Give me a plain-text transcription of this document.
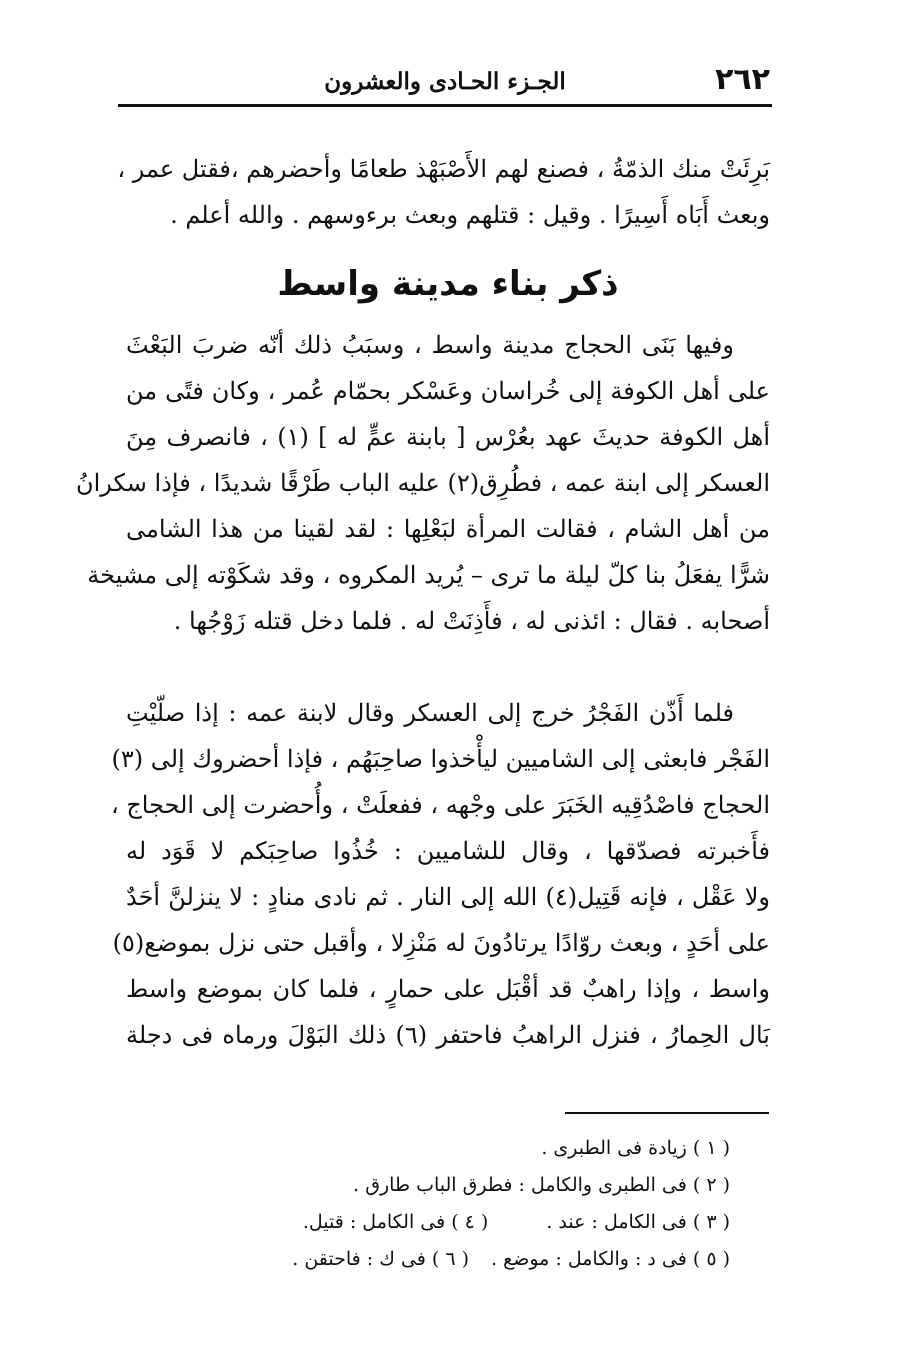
٢٦٢
الجـزء الحـادى والعشرون
بَرِئَتْ منك الذمّةُ ، فصنع لهم الأَصْبَهْذ طعامًا وأحضرهم ،فقتل عمر ،
وبعث أَبَاه أَسِيرًا . وقيل : قتلهم وبعث برءوسهم . والله أعلم .
ذكر بناء مدينة واسط
وفيها بَنَى الحجاج مدينة واسط ، وسبَبُ ذلك أنّه ضربَ البَعْثَ
على أهل الكوفة إلى خُراسان وعَسْكر بحمّام عُمر ، وكان فتًى من
أهل الكوفة حديثَ عهد بعُرْس [ بابنة عمٍّ له ] (١) ، فانصرف مِنَ
العسكر إلى ابنة عمه ، فطُرِق(٢) عليه الباب طَرْقًا شديدًا ، فإذا سكرانُ
من أهل الشام ، فقالت المرأة لبَعْلِها : لقد لقينا من هذا الشامى
شرًّا يفعَلُ بنا كلّ ليلة ما ترى – يُريد المكروه ، وقد شكَوْته إلى مشيخة
أصحابه . فقال : ائذنى له ، فأَذِنَتْ له . فلما دخل قتله زَوْجُها .
فلما أَذّن الفَجْرُ خرج إلى العسكر وقال لابنة عمه : إذا صلّيْتِ
الفَجْر فابعثى إلى الشاميين ليأْخذوا صاحِبَهُم ، فإذا أحضروك إلى (٣)
الحجاج فاصْدُقِيه الخَبَرَ على وجْهه ، ففعلَتْ ، وأُحضرت إلى الحجاج ،
فأَخبرته فصدّقها ، وقال للشاميين : خُذُوا صاحِبَكم لا قَوَد له
ولا عَقْل ، فإنه قَتِيل(٤) الله إلى النار . ثم نادى منادٍ : لا ينزلنَّ أحَدٌ
على أحَدٍ ، وبعث روّادًا يرتادُونَ له مَنْزِلا ، وأقبل حتى نزل بموضع(٥)
واسط ، وإذا راهبٌ قد أقْبَل على حمارٍ ، فلما كان بموضع واسط
بَال الحِمارُ ، فنزل الراهبُ فاحتفر (٦) ذلك البَوْلَ ورماه فى دجلة
( ١ ) زيادة فى الطبرى .
( ٢ ) فى الطبرى والكامل : فطرق الباب طارق .
( ٣ ) فى الكامل : عند .( ٤ ) فى الكامل : قتيل.
( ٥ ) فى د : والكامل : موضع .( ٦ ) فى ك : فاحتقن .
